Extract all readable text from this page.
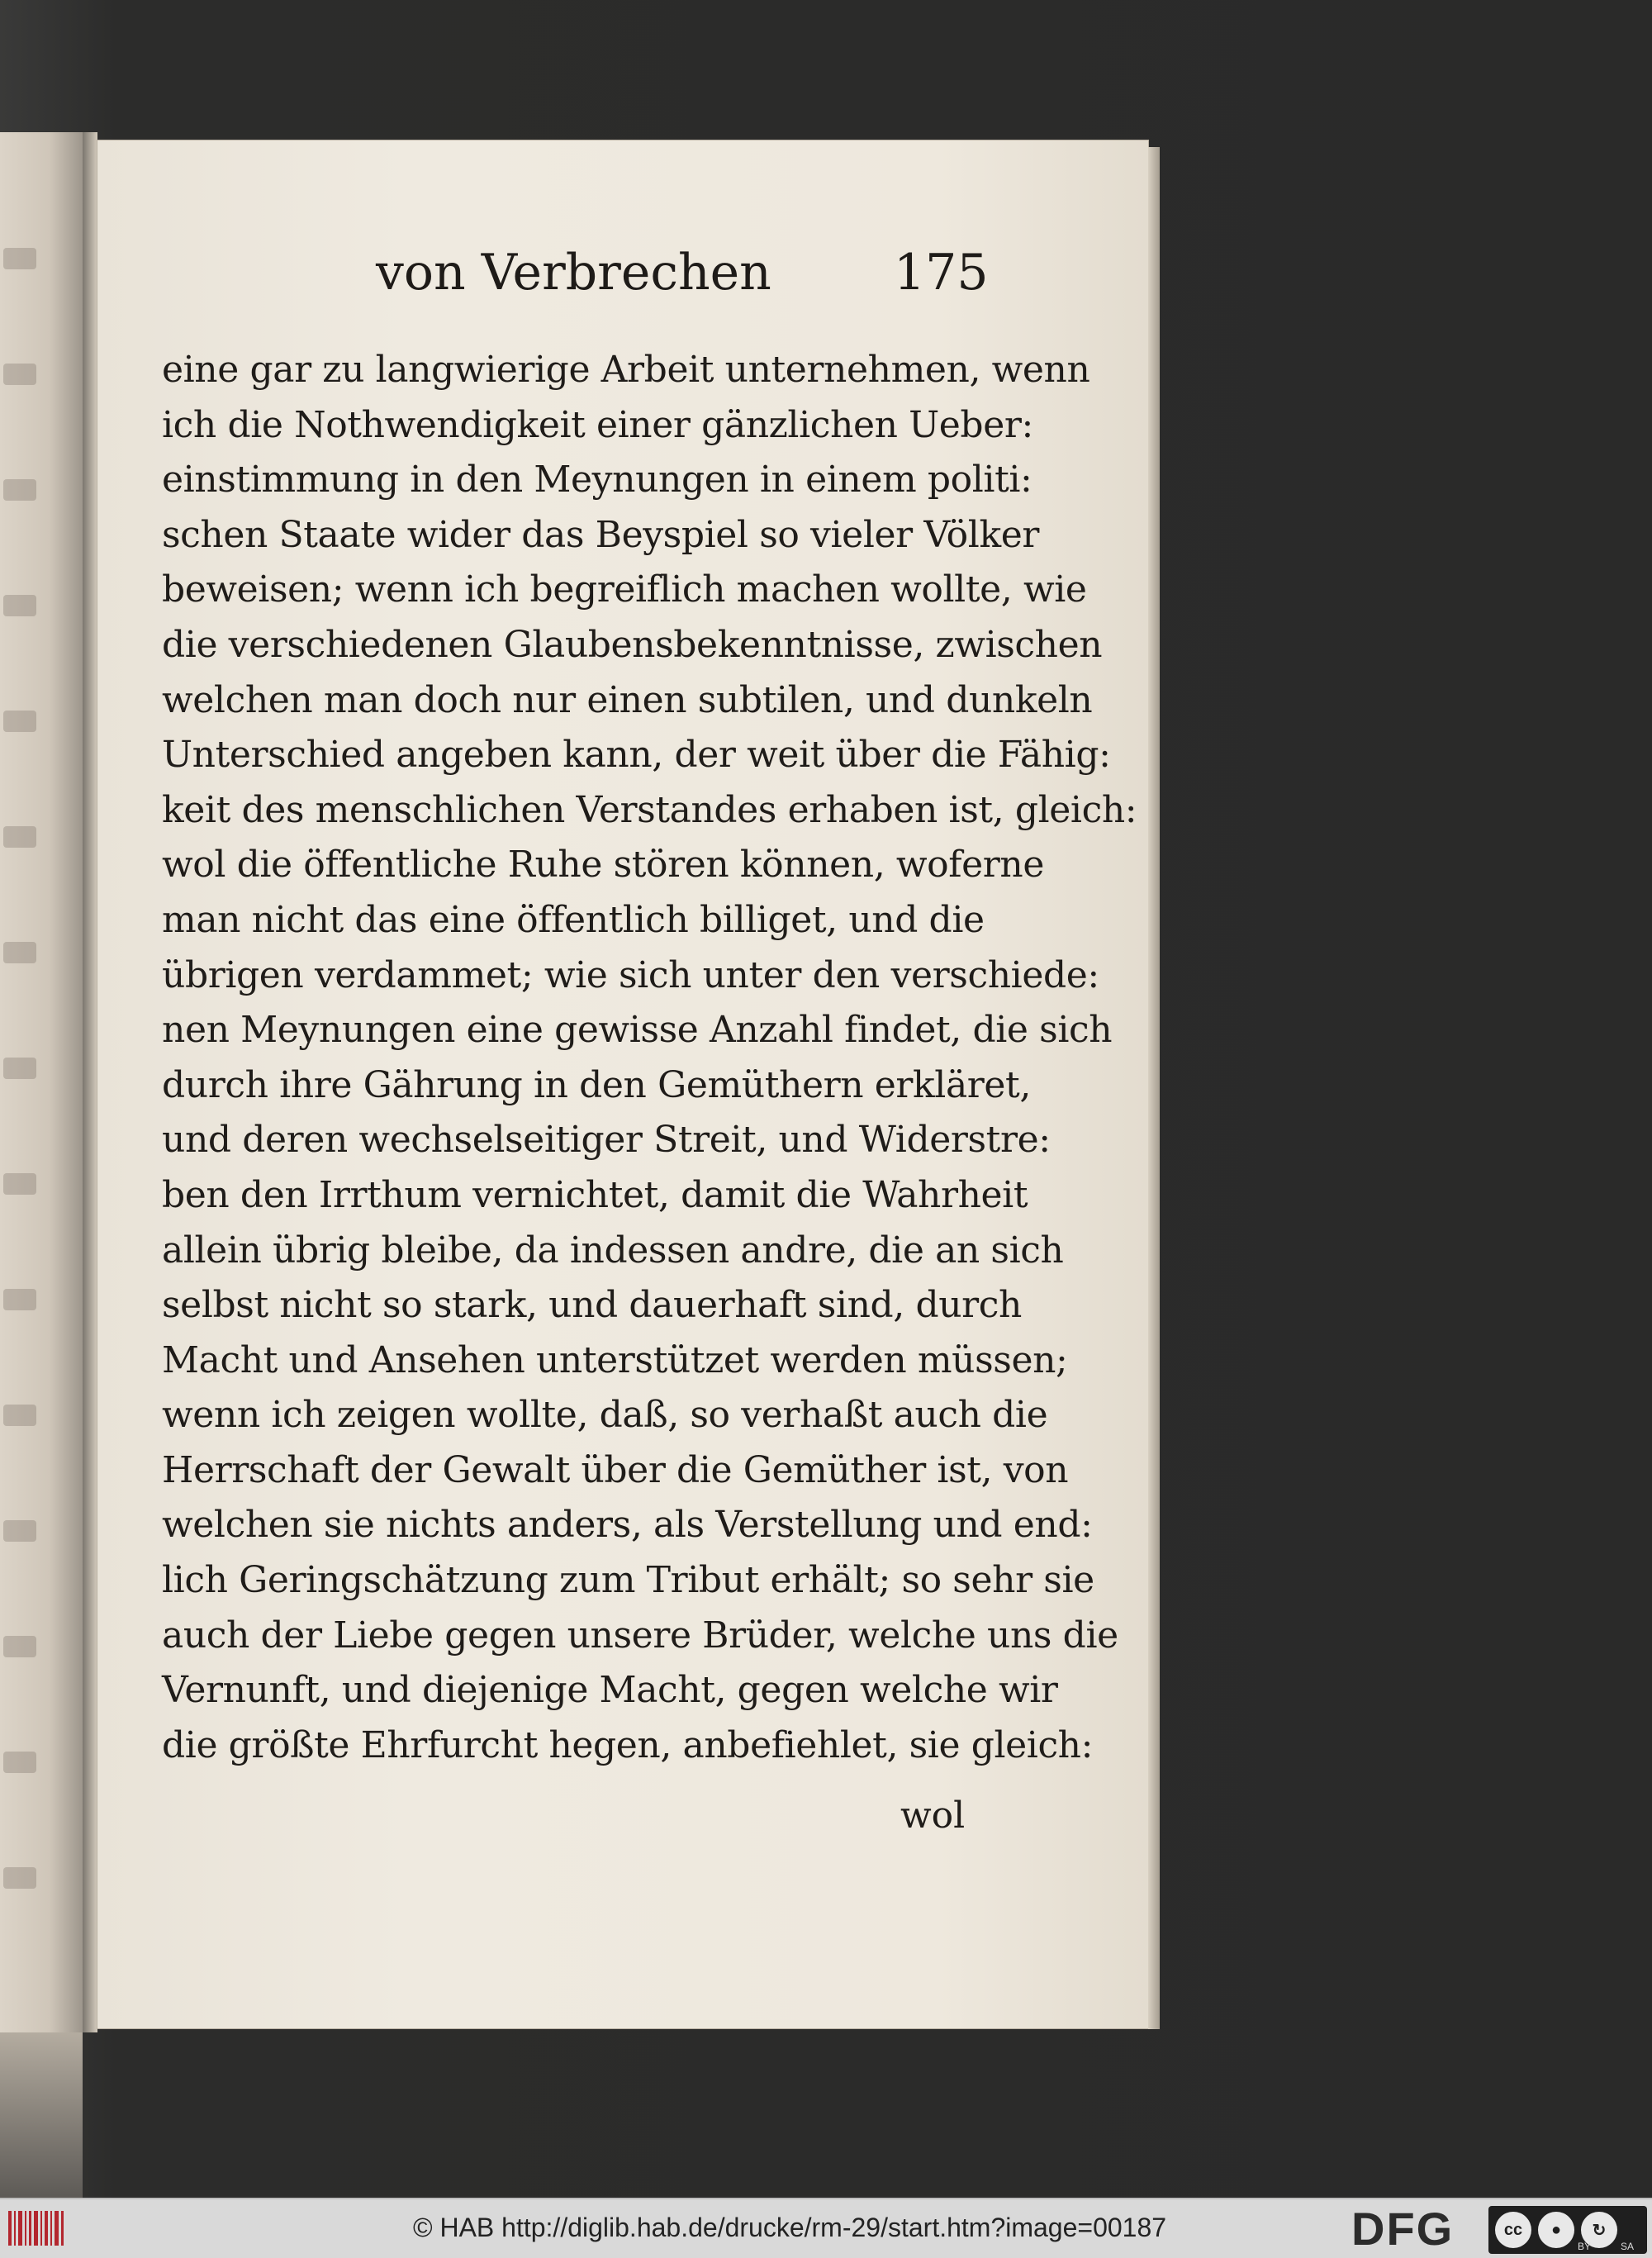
von Verbrechen 175
eine gar zu langwierige Arbeit unternehmen, wenn
ich die Nothwendigkeit einer gänzlichen Ueber:
einstimmung in den Meynungen in einem politi:
schen Staate wider das Beyspiel so vieler Völker
beweisen; wenn ich begreiflich machen wollte, wie
die verschiedenen Glaubensbekenntnisse, zwischen
welchen man doch nur einen subtilen, und dunkeln
Unterschied angeben kann, der weit über die Fähig:
keit des menschlichen Verstandes erhaben ist, gleich:
wol die öffentliche Ruhe stören können, woferne
man nicht das eine öffentlich billiget, und die
übrigen verdammet; wie sich unter den verschiede:
nen Meynungen eine gewisse Anzahl findet, die sich
durch ihre Gährung in den Gemüthern erkläret,
und deren wechselseitiger Streit, und Widerstre:
ben den Irrthum vernichtet, damit die Wahrheit
allein übrig bleibe, da indessen andre, die an sich
selbst nicht so stark, und dauerhaft sind, durch
Macht und Ansehen unterstützet werden müssen;
wenn ich zeigen wollte, daß, so verhaßt auch die
Herrschaft der Gewalt über die Gemüther ist, von
welchen sie nichts anders, als Verstellung und end:
lich Geringschätzung zum Tribut erhält; so sehr sie
auch der Liebe gegen unsere Brüder, welche uns die
Vernunft, und diejenige Macht, gegen welche wir
die größte Ehrfurcht hegen, anbefiehlet, sie gleich:
wol
© HAB http://diglib.hab.de/drucke/rm-29/start.htm?image=00187	DFG	cc	●	↻
BY	SA
